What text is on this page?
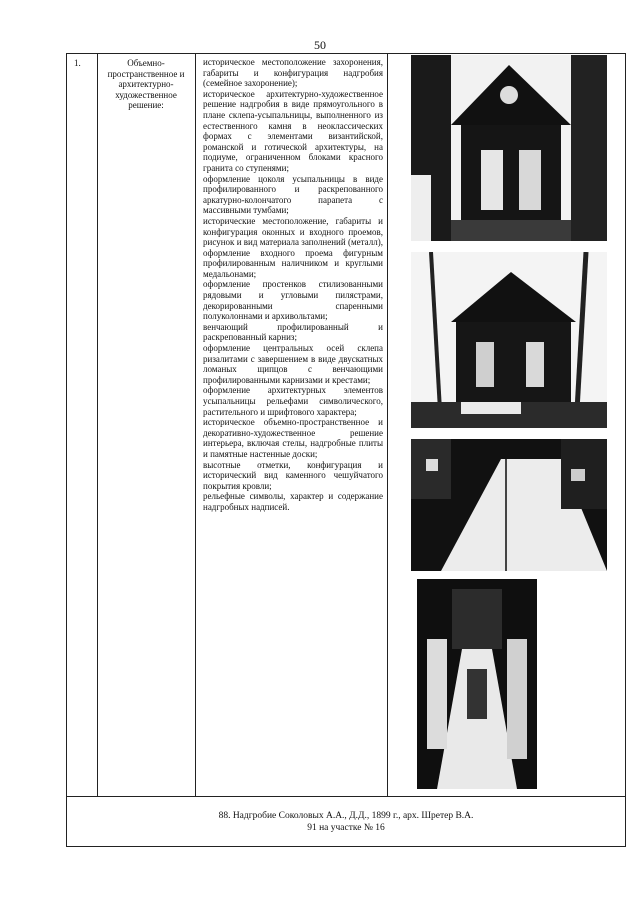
50
1.	Объемно-пространственное и архитектурно-художественное решение:

историческое местоположение захоронения, габариты и конфигурация надгробия (семейное захоронение);

историческое архитектурно-художественное решение надгробия в виде прямоугольного в плане склепа-усыпальницы, выполненного из естественного камня в неоклассических формах с элементами византийской, романской и готической архитектуры, на подиуме, ограниченном блоками красного гранита со ступенями;

оформление цоколя усыпальницы в виде профилированного и раскрепованного аркатурно-колончатого парапета с массивными тумбами;

исторические местоположение, габариты и конфигурация оконных и входного проемов, рисунок и вид материала заполнений (металл), оформление входного проема фигурным профилированным наличником и круглыми медальонами;

оформление простенков стилизованными рядовыми и угловыми пилястрами, декорированными спаренными полуколоннами и архивольтами;

венчающий профилированный и раскрепованный карниз;

оформление центральных осей склепа ризалитами с завершением в виде двускатных ломаных щипцов с венчающими профилированными карнизами и крестами;

оформление архитектурных элементов усыпальницы рельефами символического, растительного и шрифтового характера;

историческое объемно-пространственное и декоративно-художественное решение интерьера, включая стелы, надгробные плиты и памятные настенные доски;

высотные отметки, конфигурация и исторический вид каменного чешуйчатого покрытия кровли;

рельефные символы, характер и содержание надгробных надписей.

88. Надгробие Соколовых А.А., Д.Д., 1899 г., арх. Шретер В.А.
91 на участке № 16
